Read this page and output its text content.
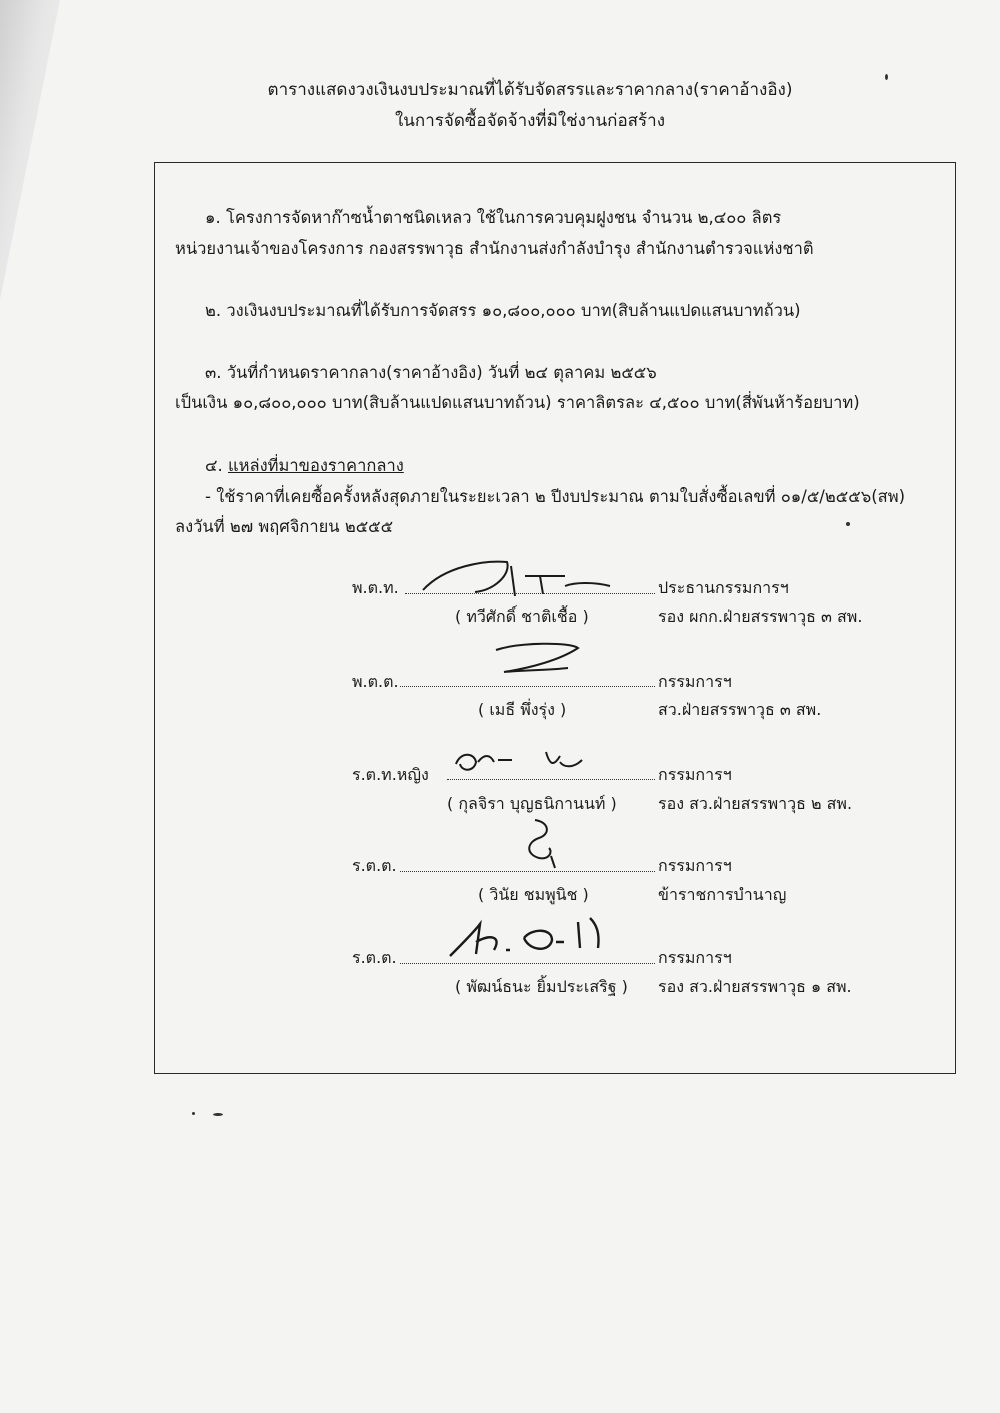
ตารางแสดงวงเงินงบประมาณที่ได้รับจัดสรรและราคากลาง(ราคาอ้างอิง)
ในการจัดซื้อจัดจ้างที่มิใช่งานก่อสร้าง
๑. โครงการจัดหาก๊าซน้ำตาชนิดเหลว ใช้ในการควบคุมฝูงชน จำนวน ๒,๔๐๐ ลิตร
หน่วยงานเจ้าของโครงการ กองสรรพาวุธ สำนักงานส่งกำลังบำรุง สำนักงานตำรวจแห่งชาติ
๒. วงเงินงบประมาณที่ได้รับการจัดสรร ๑๐,๘๐๐,๐๐๐ บาท(สิบล้านแปดแสนบาทถ้วน)
๓. วันที่กำหนดราคากลาง(ราคาอ้างอิง) วันที่ ๒๔ ตุลาคม ๒๕๕๖
เป็นเงิน ๑๐,๘๐๐,๐๐๐ บาท(สิบล้านแปดแสนบาทถ้วน) ราคาลิตรละ ๔,๕๐๐ บาท(สี่พันห้าร้อยบาท)
๔. แหล่งที่มาของราคากลาง
- ใช้ราคาที่เคยซื้อครั้งหลังสุดภายในระยะเวลา ๒ ปีงบประมาณ ตามใบสั่งซื้อเลขที่ ๐๑/๕/๒๕๕๖(สพ)
ลงวันที่ ๒๗ พฤศจิกายน ๒๕๕๕
พ.ต.ท.	ประธานกรรมการฯ
( ทวีศักดิ์ ชาติเชื้อ )	รอง ผกก.ฝ่ายสรรพาวุธ ๓ สพ.
พ.ต.ต.	กรรมการฯ
( เมธี พึ่งรุ่ง )	สว.ฝ่ายสรรพาวุธ ๓ สพ.
ร.ต.ท.หญิง	กรรมการฯ
( กุลจิรา บุญธนิกานนท์ )	รอง สว.ฝ่ายสรรพาวุธ ๒ สพ.
ร.ต.ต.	กรรมการฯ
( วินัย ชมพูนิช )	ข้าราชการบำนาญ
ร.ต.ต.	กรรมการฯ
( พัฒน์ธนะ ยิ้มประเสริฐ ) รอง สว.ฝ่ายสรรพาวุธ ๑ สพ.
